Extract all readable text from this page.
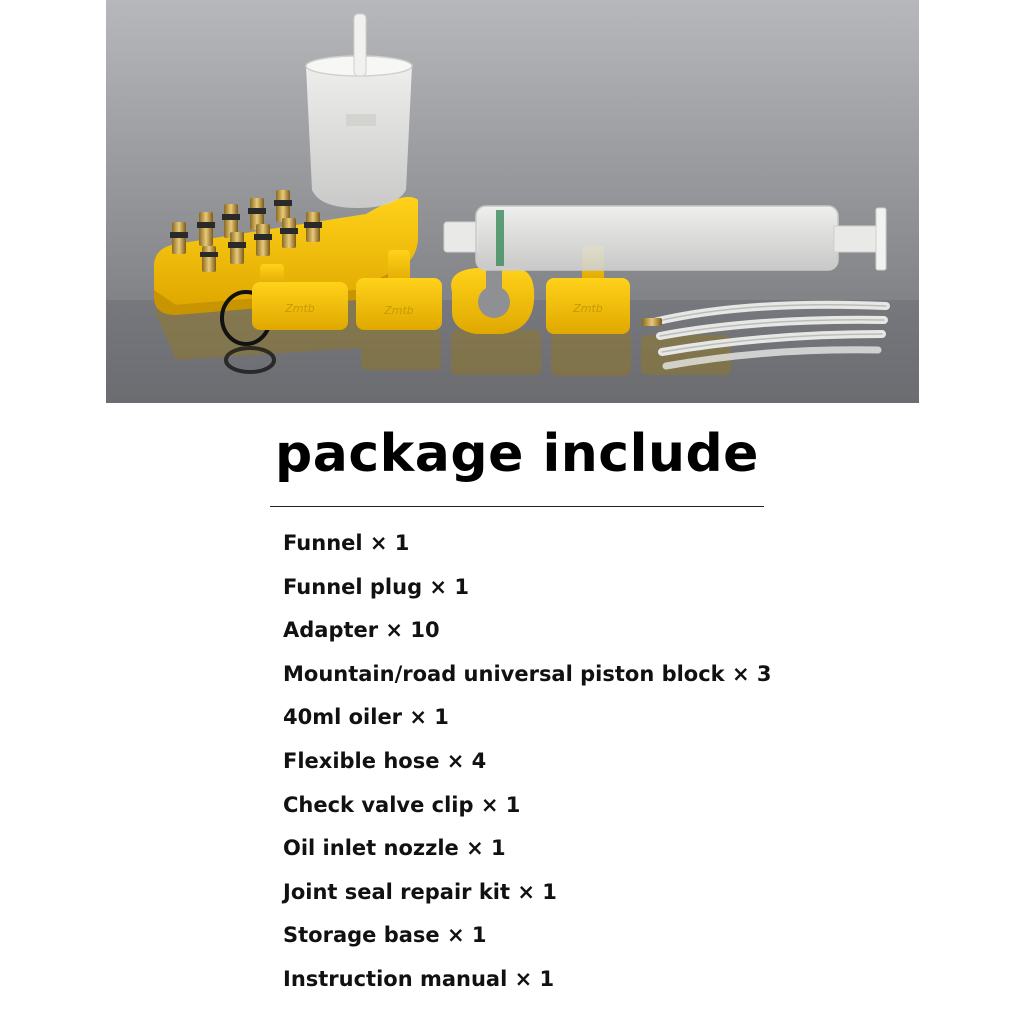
Zmtb	Zmtb	Zmtb
package include
Funnel × 1
Funnel plug × 1
Adapter × 10
Mountain/road universal piston block × 3
40ml oiler × 1
Flexible hose × 4
Check valve clip × 1
Oil inlet nozzle × 1
Joint seal repair kit × 1
Storage base × 1
Instruction manual × 1
